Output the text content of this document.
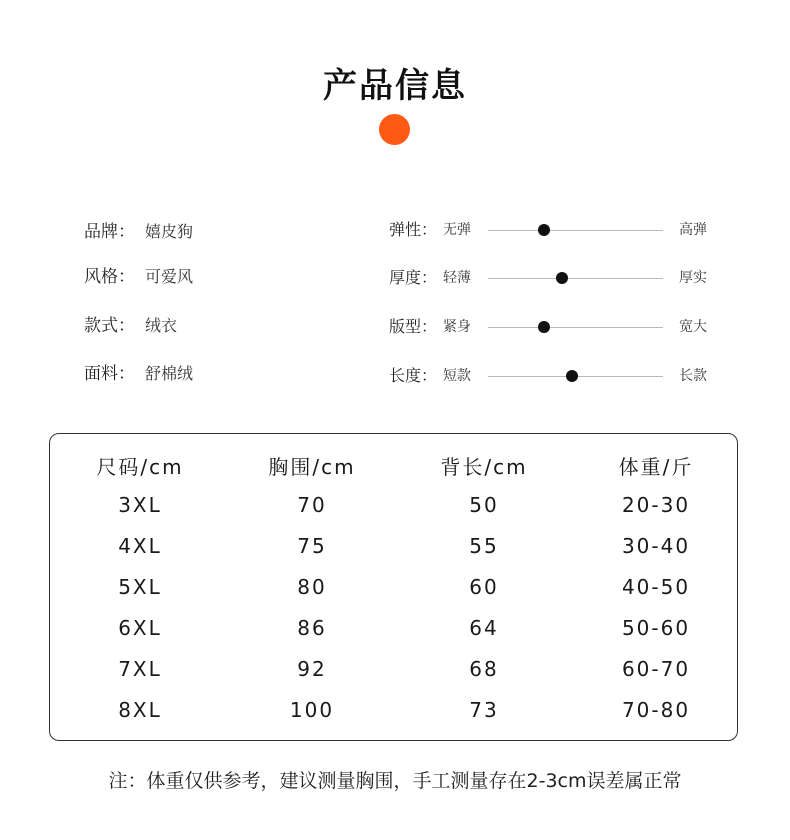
产品信息
品牌： 嬉皮狗
风格： 可爱风
款式： 绒衣
面料： 舒棉绒
弹性： 无弹	高弹
厚度： 轻薄	厚实
版型： 紧身	宽大
长度： 短款	长款
尺码/cm	胸围/cm	背长/cm	体重/斤
3XL	70	50	20-30
4XL	75	55	30-40
5XL	80	60	40-50
6XL	86	64	50-60
7XL	92	68	60-70
8XL	100	73	70-80
注：体重仅供参考，建议测量胸围，手工测量存在2-3cm误差属正常
